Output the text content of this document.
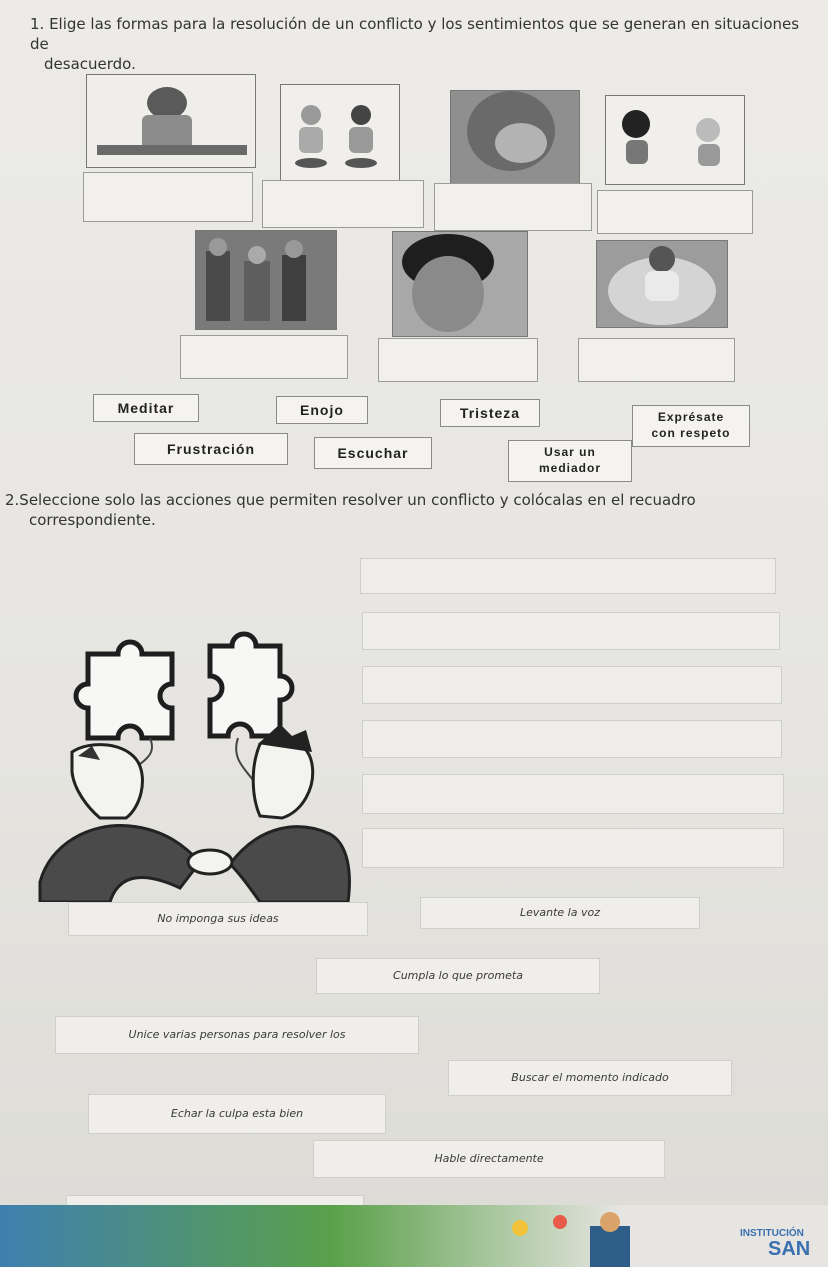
1. Elige las formas para la resolución de un conflicto y los sentimientos que se generan en situaciones de
desacuerdo.
Meditar	Enojo	Tristeza	Exprésate
con respeto
Frustración	Escuchar	Usar un
mediador
2.Seleccione solo las acciones que permiten resolver un conflicto y colócalas en el recuadro
correspondiente.
No imponga sus ideas	Levante la voz
Cumpla lo que prometa
Unice varias personas para resolver los
Buscar el momento indicado
Echar la culpa esta bien
Hable directamente
INSTITUCIÓN
SAN
